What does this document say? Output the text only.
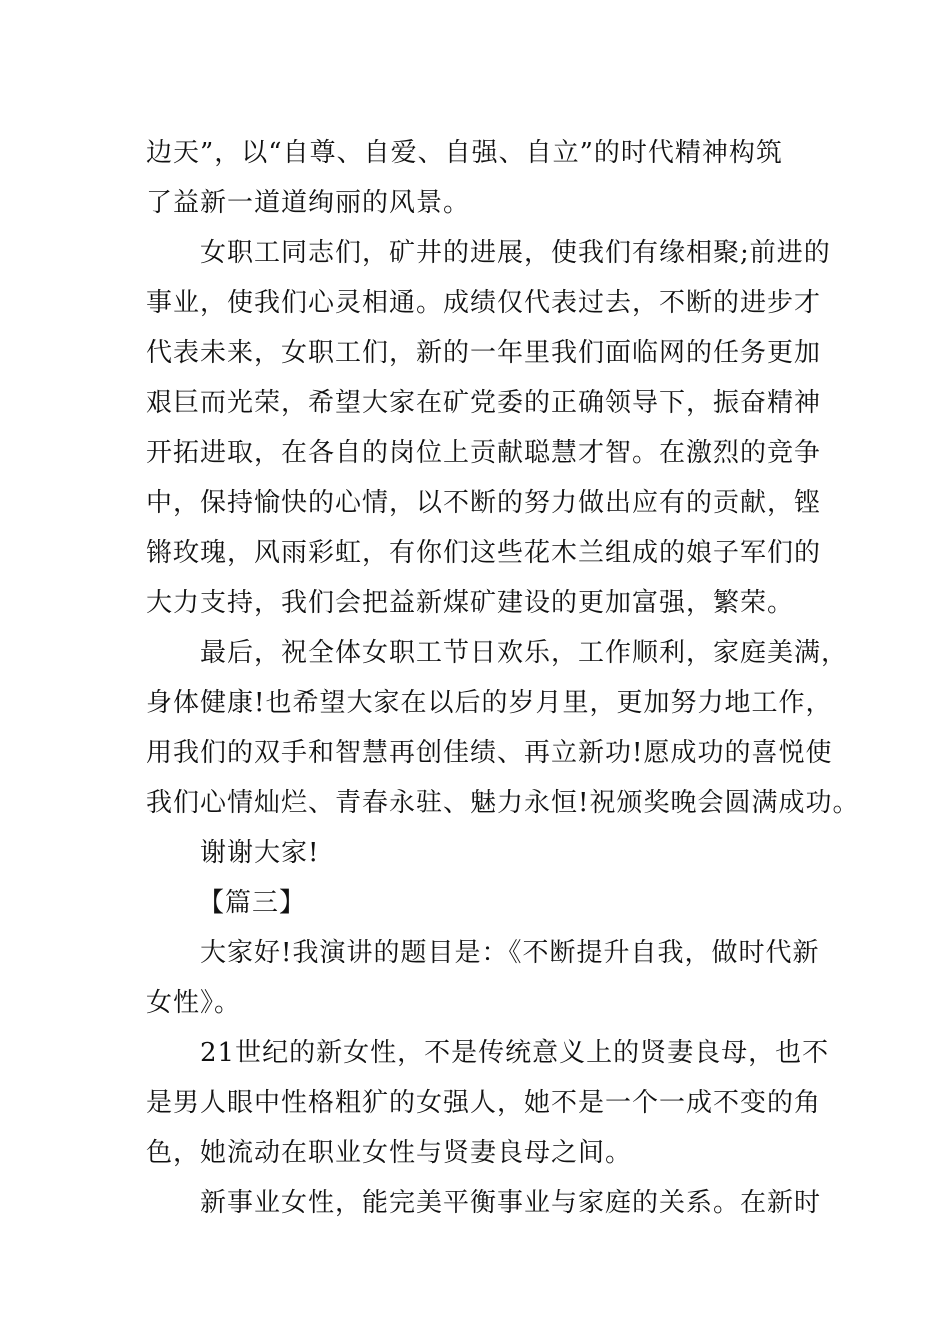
边天”，以“自尊、自爱、自强、自立”的时代精神构筑
了益新一道道绚丽的风景。
女职工同志们，矿井的进展，使我们有缘相聚;前进的
事业，使我们心灵相通。成绩仅代表过去，不断的进步才
代表未来，女职工们，新的一年里我们面临网的任务更加
艰巨而光荣，希望大家在矿党委的正确领导下，振奋精神
开拓进取，在各自的岗位上贡献聪慧才智。在激烈的竞争
中，保持愉快的心情，以不断的努力做出应有的贡献，铿
锵玫瑰，风雨彩虹，有你们这些花木兰组成的娘子军们的
大力支持，我们会把益新煤矿建设的更加富强，繁荣。
最后，祝全体女职工节日欢乐，工作顺利，家庭美满，
身体健康!也希望大家在以后的岁月里，更加努力地工作，
用我们的双手和智慧再创佳绩、再立新功!愿成功的喜悦使
我们心情灿烂、青春永驻、魅力永恒!祝颁奖晚会圆满成功。
谢谢大家!
【篇三】
大家好!我演讲的题目是：《不断提升自我，做时代新
女性》。
21世纪的新女性，不是传统意义上的贤妻良母，也不
是男人眼中性格粗犷的女强人，她不是一个一成不变的角
色，她流动在职业女性与贤妻良母之间。
新事业女性，能完美平衡事业与家庭的关系。在新时
